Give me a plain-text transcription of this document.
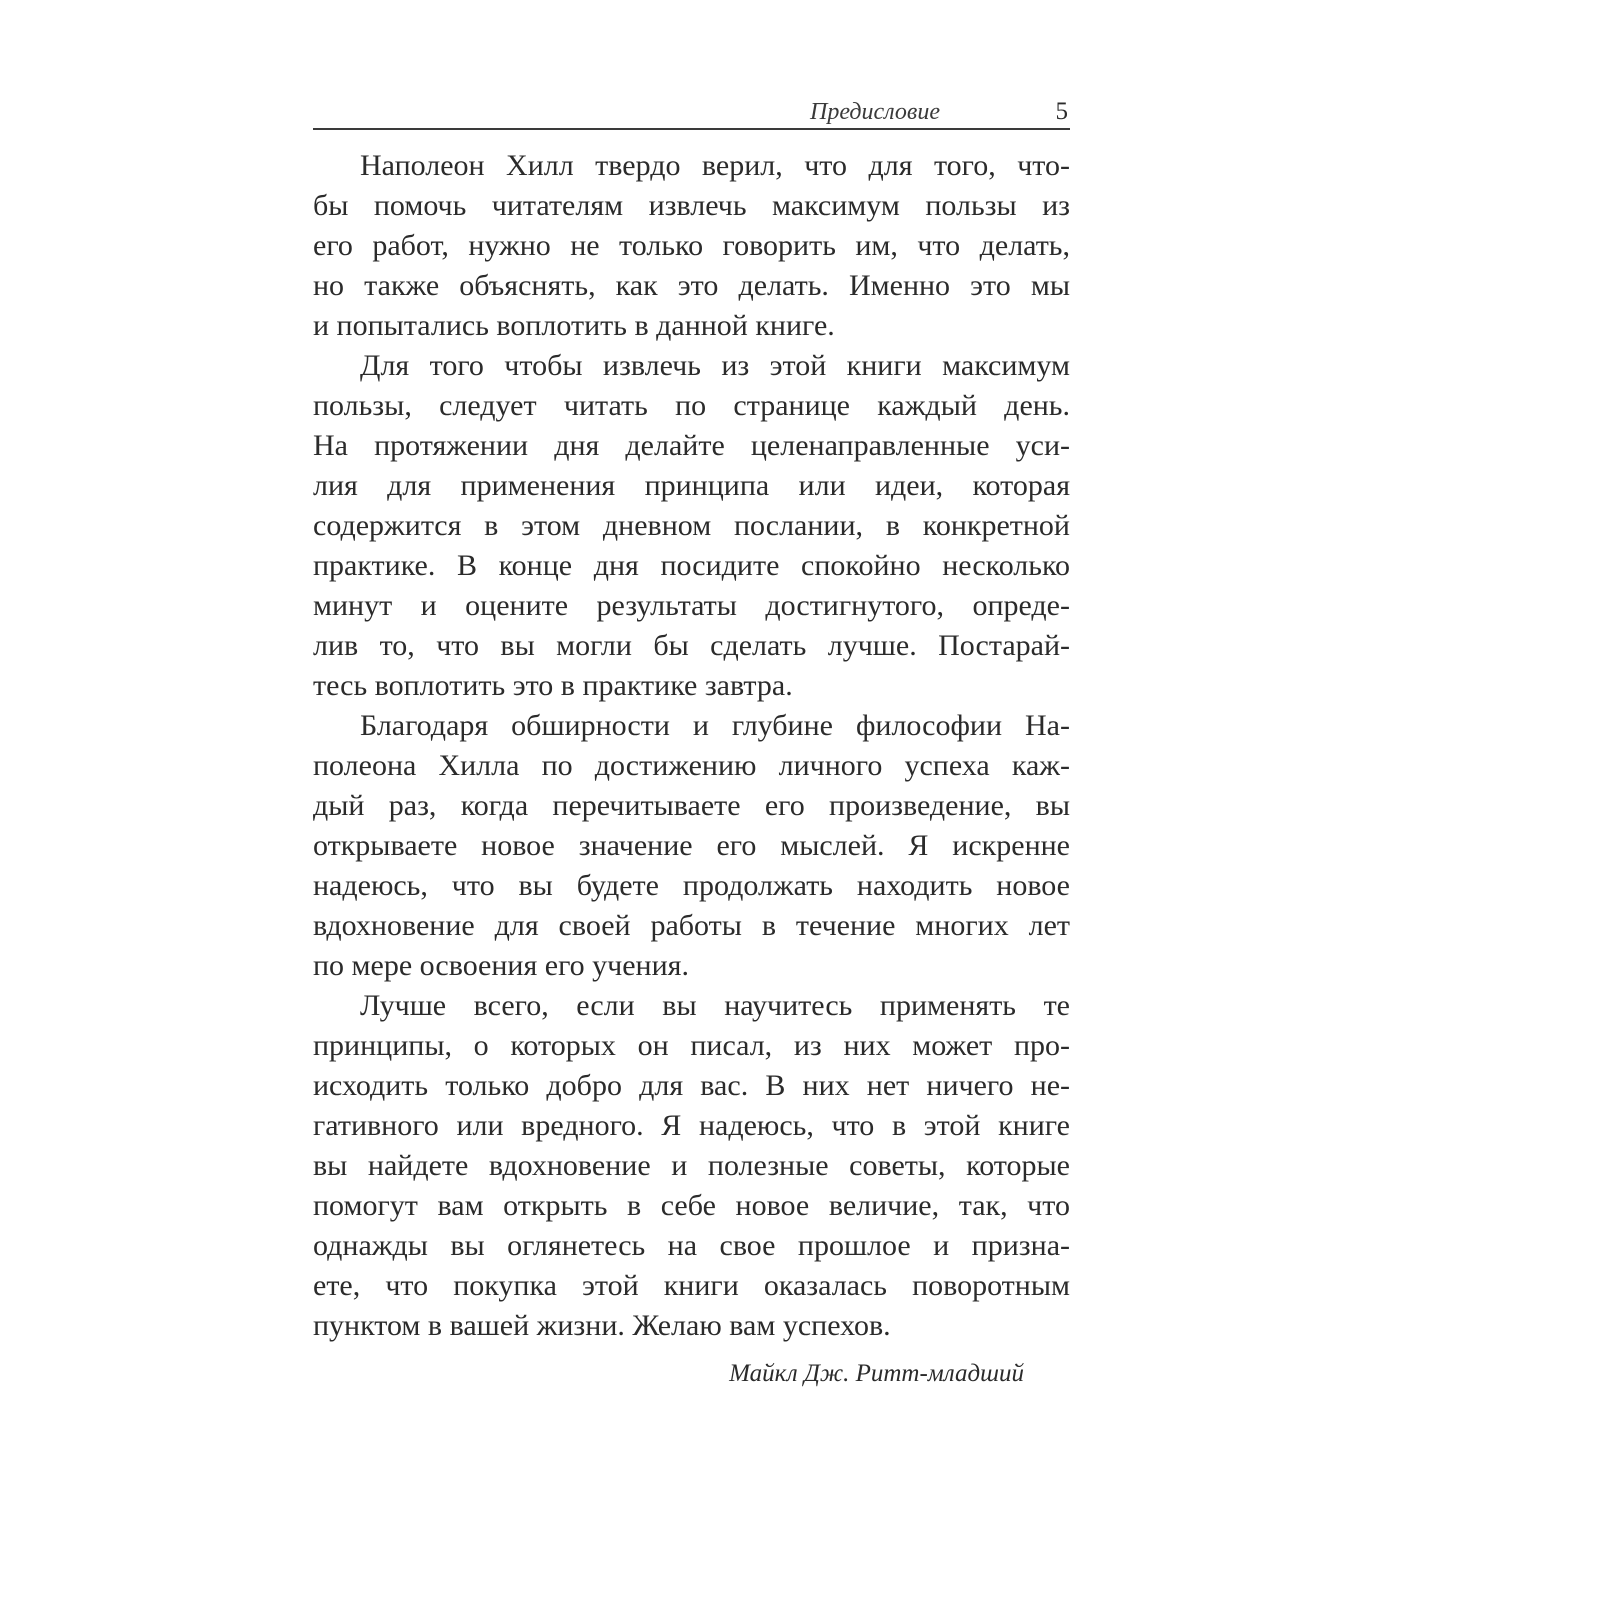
Предисловие	5

Наполеон Хилл твердо верил, что для того, что-
бы помочь читателям извлечь максимум пользы из
его работ, нужно не только говорить им, что делать,
но также объяснять, как это делать. Именно это мы
и попытались воплотить в данной книге.

Для того чтобы извлечь из этой книги максимум
пользы, следует читать по странице каждый день.
На протяжении дня делайте целенаправленные уси-
лия для применения принципа или идеи, которая
содержится в этом дневном послании, в конкретной
практике. В конце дня посидите спокойно несколько
минут и оцените результаты достигнутого, опреде-
лив то, что вы могли бы сделать лучше. Постарай-
тесь воплотить это в практике завтра.

Благодаря обширности и глубине философии На-
полеона Хилла по достижению личного успеха каж-
дый раз, когда перечитываете его произведение, вы
открываете новое значение его мыслей. Я искренне
надеюсь, что вы будете продолжать находить новое
вдохновение для своей работы в течение многих лет
по мере освоения его учения.

Лучше всего, если вы научитесь применять те
принципы, о которых он писал, из них может про-
исходить только добро для вас. В них нет ничего не-
гативного или вредного. Я надеюсь, что в этой книге
вы найдете вдохновение и полезные советы, которые
помогут вам открыть в себе новое величие, так, что
однажды вы оглянетесь на свое прошлое и призна-
ете, что покупка этой книги оказалась поворотным
пунктом в вашей жизни. Желаю вам успехов.

Майкл Дж. Ритт-младший
